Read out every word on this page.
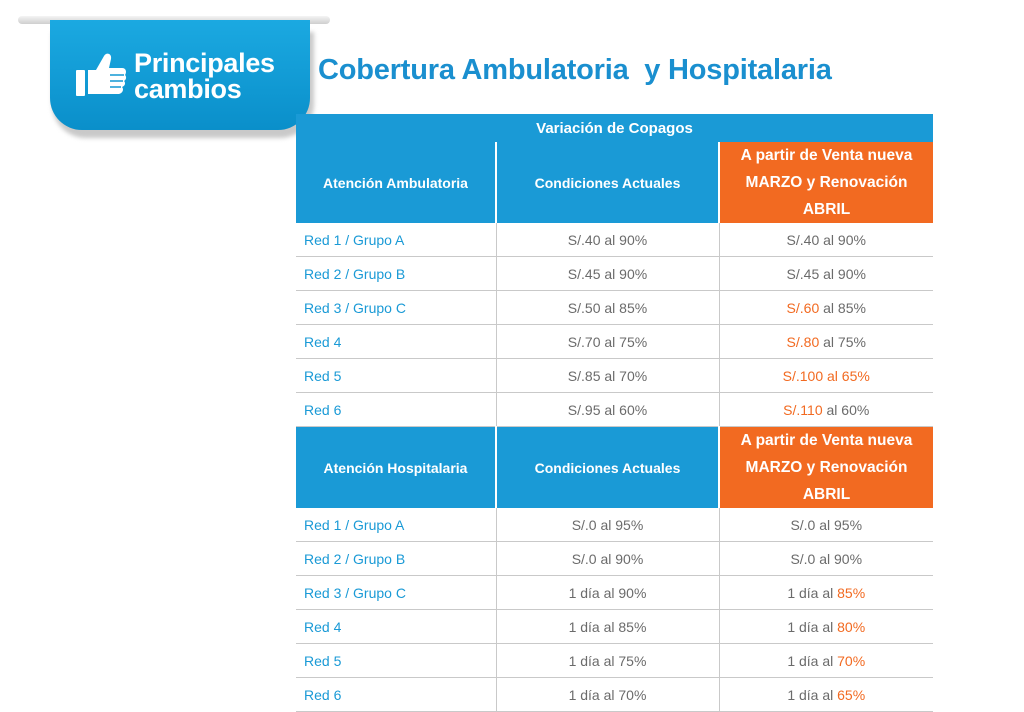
Principales
cambios
Cobertura Ambulatoria  y Hospitalaria
Variación de Copagos		
Atención Ambulatoria	Condiciones Actuales	A partir de Venta nueva
MARZO y Renovación
ABRIL

Red 1 / Grupo A	S/.40 al 90%	S/.40 al 90%
Red 2 / Grupo B	S/.45 al 90%	S/.45 al 90%
Red 3 / Grupo C	S/.50 al 85%	S/.60 al 85%
Red 4	S/.70 al 75%	S/.80 al 75%
Red 5	S/.85 al 70%	S/.100 al 65%
Red 6	S/.95 al 60%	S/.110 al 60%
Atención Hospitalaria	Condiciones Actuales	A partir de Venta nueva
MARZO y Renovación
ABRIL

Red 1 / Grupo A	S/.0 al 95%	S/.0 al 95%
Red 2 / Grupo B	S/.0 al 90%	S/.0 al 90%
Red 3 / Grupo C	1 día al 90%	1 día al 85%
Red 4	1 día al 85%	1 día al 80%
Red 5	1 día al 75%	1 día al 70%
Red 6	1 día al 70%	1 día al 65%
